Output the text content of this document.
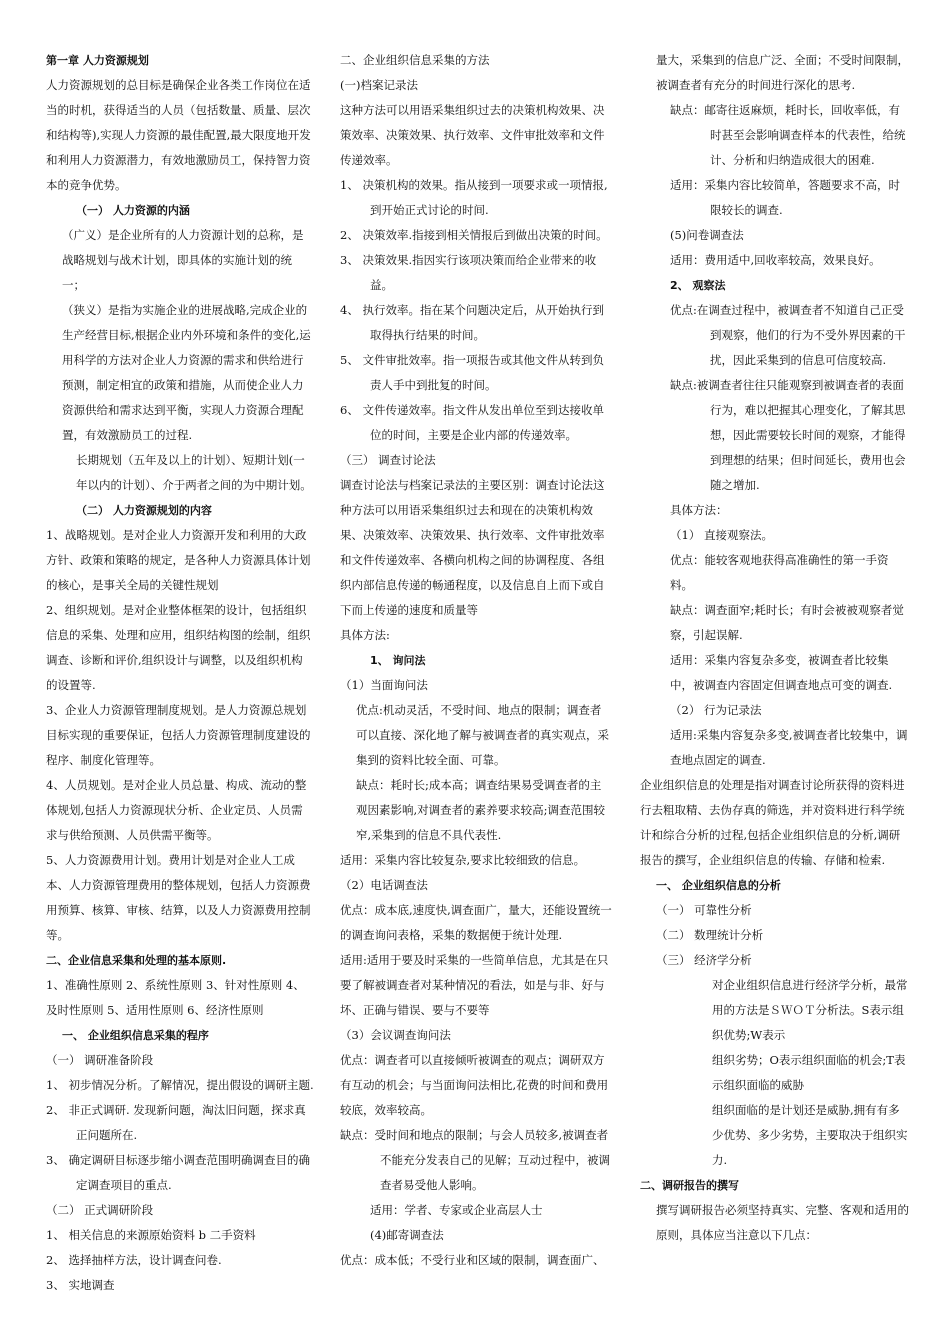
第一章 人力资源规划

人力资源规划的总目标是确保企业各类工作岗位在适当的时机，获得适当的人员（包括数量、质量、层次和结构等),实现人力资源的最佳配置,最大限度地开发和利用人力资源潜力，有效地激励员工，保持智力资本的竞争优势。

（一） 人力资源的内涵

（广义）是企业所有的人力资源计划的总称，是战略规划与战术计划，即具体的实施计划的统一；

（狭义）是指为实施企业的进展战略,完成企业的生产经营目标,根据企业内外环境和条件的变化,运用科学的方法对企业人力资源的需求和供给进行预测，制定相宜的政策和措施，从而使企业人力资源供给和需求达到平衡，实现人力资源合理配置，有效激励员工的过程.

长期规划（五年及以上的计划）、短期计划(一年以内的计划）、介于两者之间的为中期计划。

（二） 人力资源规划的内容

1、战略规划。是对企业人力资源开发和利用的大政方针、政策和策略的规定，是各种人力资源具体计划的核心，是事关全局的关键性规划

2、组织规划。是对企业整体框架的设计，包括组织信息的采集、处理和应用，组织结构图的绘制，组织调查、诊断和评价,组织设计与调整，以及组织机构的设置等.

3、企业人力资源管理制度规划。是人力资源总规划目标实现的重要保证，包括人力资源管理制度建设的程序、制度化管理等。

4、人员规划。是对企业人员总量、构成、流动的整体规划,包括人力资源现状分析、企业定员、人员需求与供给预测、人员供需平衡等。

5、人力资源费用计划。费用计划是对企业人工成本、人力资源管理费用的整体规划，包括人力资源费用预算、核算、审核、结算，以及人力资源费用控制等。

二、企业信息采集和处理的基本原则.

1、准确性原则 2、系统性原则 3、针对性原则 4、及时性原则 5、适用性原则 6、经济性原则

一、 企业组织信息采集的程序

（一） 调研准备阶段

1、 初步情况分析。了解情况，提出假设的调研主题.

2、 非正式调研. 发现新问题，淘汰旧问题，探求真正问题所在.

3、 确定调研目标逐步缩小调查范围明确调查目的确定调查项目的重点.

（二） 正式调研阶段

1、 相关信息的来源原始资料 b 二手资料

2、 选择抽样方法，设计调查问卷.

3、 实地调查

二、企业组织信息采集的方法

(一)档案记录法

这种方法可以用语采集组织过去的决策机构效果、决策效率、决策效果、执行效率、文件审批效率和文件传递效率。

1、 决策机构的效果。指从接到一项要求或一项情报,到开始正式讨论的时间.

2、 决策效率.指接到相关情报后到做出决策的时间。

3、 决策效果.指因实行该项决策而给企业带来的收益。

4、 执行效率。指在某个问题决定后，从开始执行到取得执行结果的时间。

5、 文件审批效率。指一项报告或其他文件从转到负责人手中到批复的时间。

6、 文件传递效率。指文件从发出单位至到达接收单位的时间，主要是企业内部的传递效率。

（三） 调查讨论法

调查讨论法与档案记录法的主要区别：调查讨论法这种方法可以用语采集组织过去和现在的决策机构效果、决策效率、决策效果、执行效率、文件审批效率和文件传递效率、各横向机构之间的协调程度、各组织内部信息传递的畅通程度，以及信息自上而下或自下而上传递的速度和质量等

具体方法:

1、 询问法

（1）当面询问法

优点:机动灵活，不受时间、地点的限制；调查者可以直接、深化地了解与被调查者的真实观点，采集到的资料比较全面、可靠。

缺点：耗时长;成本高；调查结果易受调查者的主观因素影响,对调查者的素养要求较高;调查范围较窄,采集到的信息不具代表性.

适用：采集内容比较复杂,要求比较细致的信息。

（2）电话调查法

优点：成本底,速度快,调查面广，量大，还能设置统一的调查询问表格，采集的数据便于统计处理.

适用:适用于要及时采集的一些简单信息，尤其是在只要了解被调查者对某种情况的看法，如是与非、好与坏、正确与错误、要与不要等

（3）会议调查询问法

优点：调查者可以直接倾听被调查的观点；调研双方有互动的机会；与当面询问法相比,花费的时间和费用较底，效率较高。

缺点：受时间和地点的限制；与会人员较多,被调查者不能充分发表自己的见解；互动过程中，被调查者易受他人影响。

适用：学者、专家或企业高层人士

(4)邮寄调查法

优点：成本低；不受行业和区域的限制，调查面广、

量大，采集到的信息广泛、全面；不受时间限制，被调查者有充分的时间进行深化的思考.

缺点：邮寄往返麻烦，耗时长，回收率低，有时甚至会影响调查样本的代表性，给统计、分析和归纳造成很大的困难.

适用：采集内容比较简单，答题要求不高，时限较长的调查.

(5)问卷调查法

适用：费用适中,回收率较高，效果良好。

2、 观察法

优点:在调查过程中，被调查者不知道自己正受到观察，他们的行为不受外界因素的干扰，因此采集到的信息可信度较高.

缺点:被调查者往往只能观察到被调查者的表面行为，难以把握其心理变化，了解其思想，因此需要较长时间的观察，才能得到理想的结果；但时间延长，费用也会随之增加.

具体方法：

（1） 直接观察法。

优点：能较客观地获得高准确性的第一手资料。

缺点：调查面窄;耗时长；有时会被被观察者觉察，引起误解.

适用：采集内容复杂多变，被调查者比较集中，被调查内容固定但调查地点可变的调查.

（2） 行为记录法

适用:采集内容复杂多变,被调查者比较集中，调查地点固定的调查.

企业组织信息的处理是指对调查讨论所获得的资料进行去粗取精、去伪存真的筛选，并对资料进行科学统计和综合分析的过程,包括企业组织信息的分析,调研报告的撰写，企业组织信息的传输、存储和检索.

一、 企业组织信息的分析

（一） 可靠性分析

（二） 数理统计分析

（三） 经济学分析

对企业组织信息进行经济学分析，最常用的方法是ＳＷＯＴ分析法。S表示组织优势;W表示

组织劣势；O表示组织面临的机会;T表示组织面临的威胁

组织面临的是计划还是威胁,拥有有多少优势、多少劣势，主要取决于组织实力.

二、调研报告的撰写

撰写调研报告必须坚持真实、完整、客观和适用的原则，具体应当注意以下几点：
